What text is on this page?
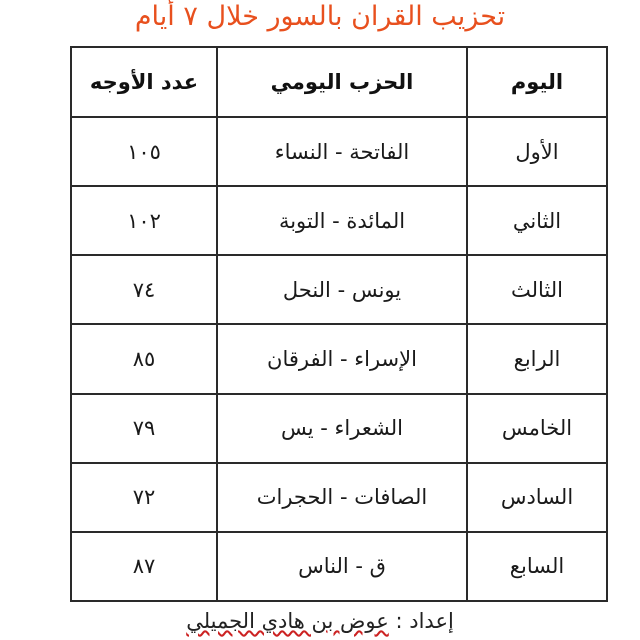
تحزيب القران بالسور خلال ٧ أيام
اليوم	الحزب اليومي	عدد الأوجه
الأول	الفاتحة - النساء	١٠٥
الثاني	المائدة - التوبة	١٠٢
الثالث	يونس - النحل	٧٤
الرابع	الإسراء - الفرقان	٨٥
الخامس	الشعراء - يس	٧٩
السادس	الصافات - الحجرات	٧٢
السابع	ق - الناس	٨٧
إعداد : عوض بن هادي الجميلي
